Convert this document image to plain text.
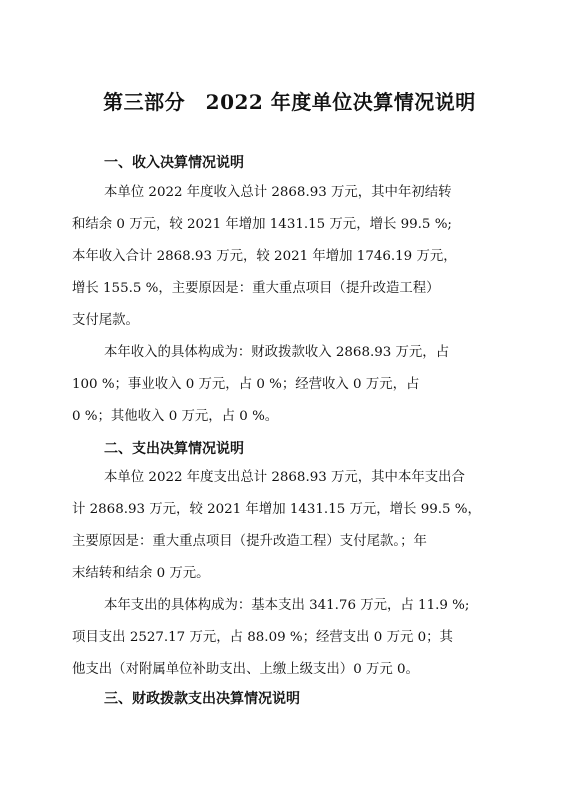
第三部分　2022 年度单位决算情况说明
一、收入决算情况说明
本单位 2022 年度收入总计 2868.93 万元，其中年初结转
和结余 0 万元，较 2021 年增加 1431.15 万元，增长 99.5 %;
本年收入合计 2868.93 万元，较 2021 年增加 1746.19 万元，
增长 155.5 %，主要原因是：重大重点项目（提升改造工程）
支付尾款。
本年收入的具体构成为：财政拨款收入 2868.93 万元，占
100 %；事业收入 0 万元，占 0 %；经营收入 0 万元，占
0 %；其他收入 0 万元，占 0 %。
二、支出决算情况说明
本单位 2022 年度支出总计 2868.93 万元，其中本年支出合
计 2868.93 万元，较 2021 年增加 1431.15 万元，增长 99.5 %，
主要原因是：重大重点项目（提升改造工程）支付尾款。；年
末结转和结余 0 万元。
本年支出的具体构成为：基本支出 341.76 万元，占 11.9 %;
项目支出 2527.17 万元，占 88.09 %；经营支出 0 万元 0；其
他支出（对附属单位补助支出、上缴上级支出）0 万元 0。
三、财政拨款支出决算情况说明
